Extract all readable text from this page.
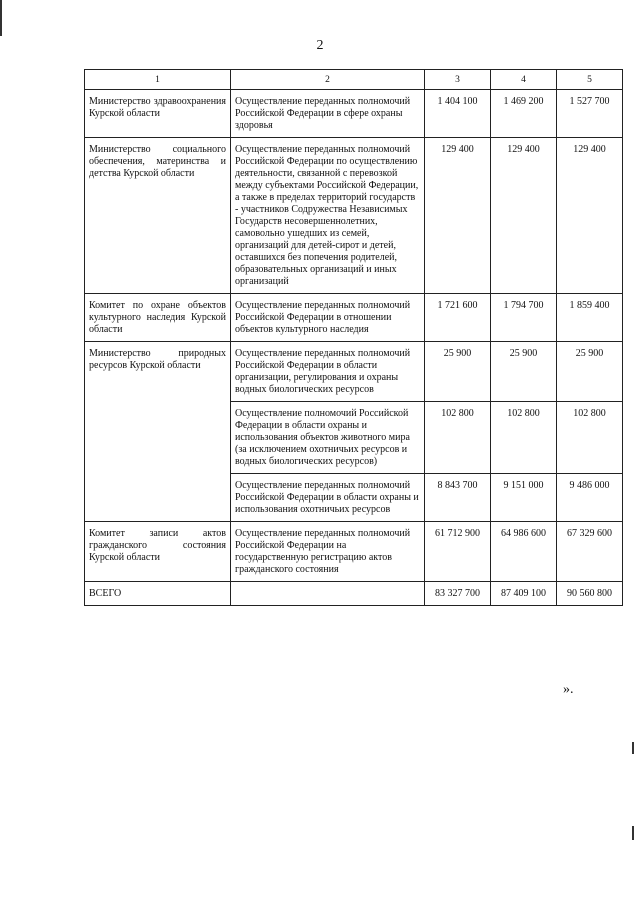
2
1	2	3	4	5
Министерство здравоохранения Курской области	Осуществление переданных полномочий Российской Федерации в сфере охраны здоровья	1 404 100	1 469 200	1 527 700
Министерство социального обеспечения, материнства и детства Курской области	Осуществление переданных полномочий Российской Федерации по осуществлению деятельности, связанной с перевозкой между субъектами Российской Федерации, а также в пределах территорий государств - участников Содружества Независимых Государств несовершеннолетних, самовольно ушедших из семей, организаций для детей-сирот и детей, оставшихся без попечения родителей, образовательных организаций и иных организаций	129 400	129 400	129 400
Комитет по охране объектов культурного наследия Курской области	Осуществление переданных полномочий Российской Федерации в отношении объектов культурного наследия	1 721 600	1 794 700	1 859 400
Министерство природных ресурсов Курской области	Осуществление переданных полномочий Российской Федерации в области организации, регулирования и охраны водных биологических ресурсов	25 900	25 900	25 900
	Осуществление полномочий Российской Федерации в области охраны и использования объектов животного мира (за исключением охотничьих ресурсов и водных биологических ресурсов)	102 800	102 800	102 800
	Осуществление переданных полномочий Российской Федерации в области охраны и использования охотничьих ресурсов	8 843 700	9 151 000	9 486 000
Комитет записи актов гражданского состояния Курской области	Осуществление переданных полномочий Российской Федерации на государственную регистрацию актов гражданского состояния	61 712 900	64 986 600	67 329 600
ВСЕГО		83 327 700	87 409 100	90 560 800
».
